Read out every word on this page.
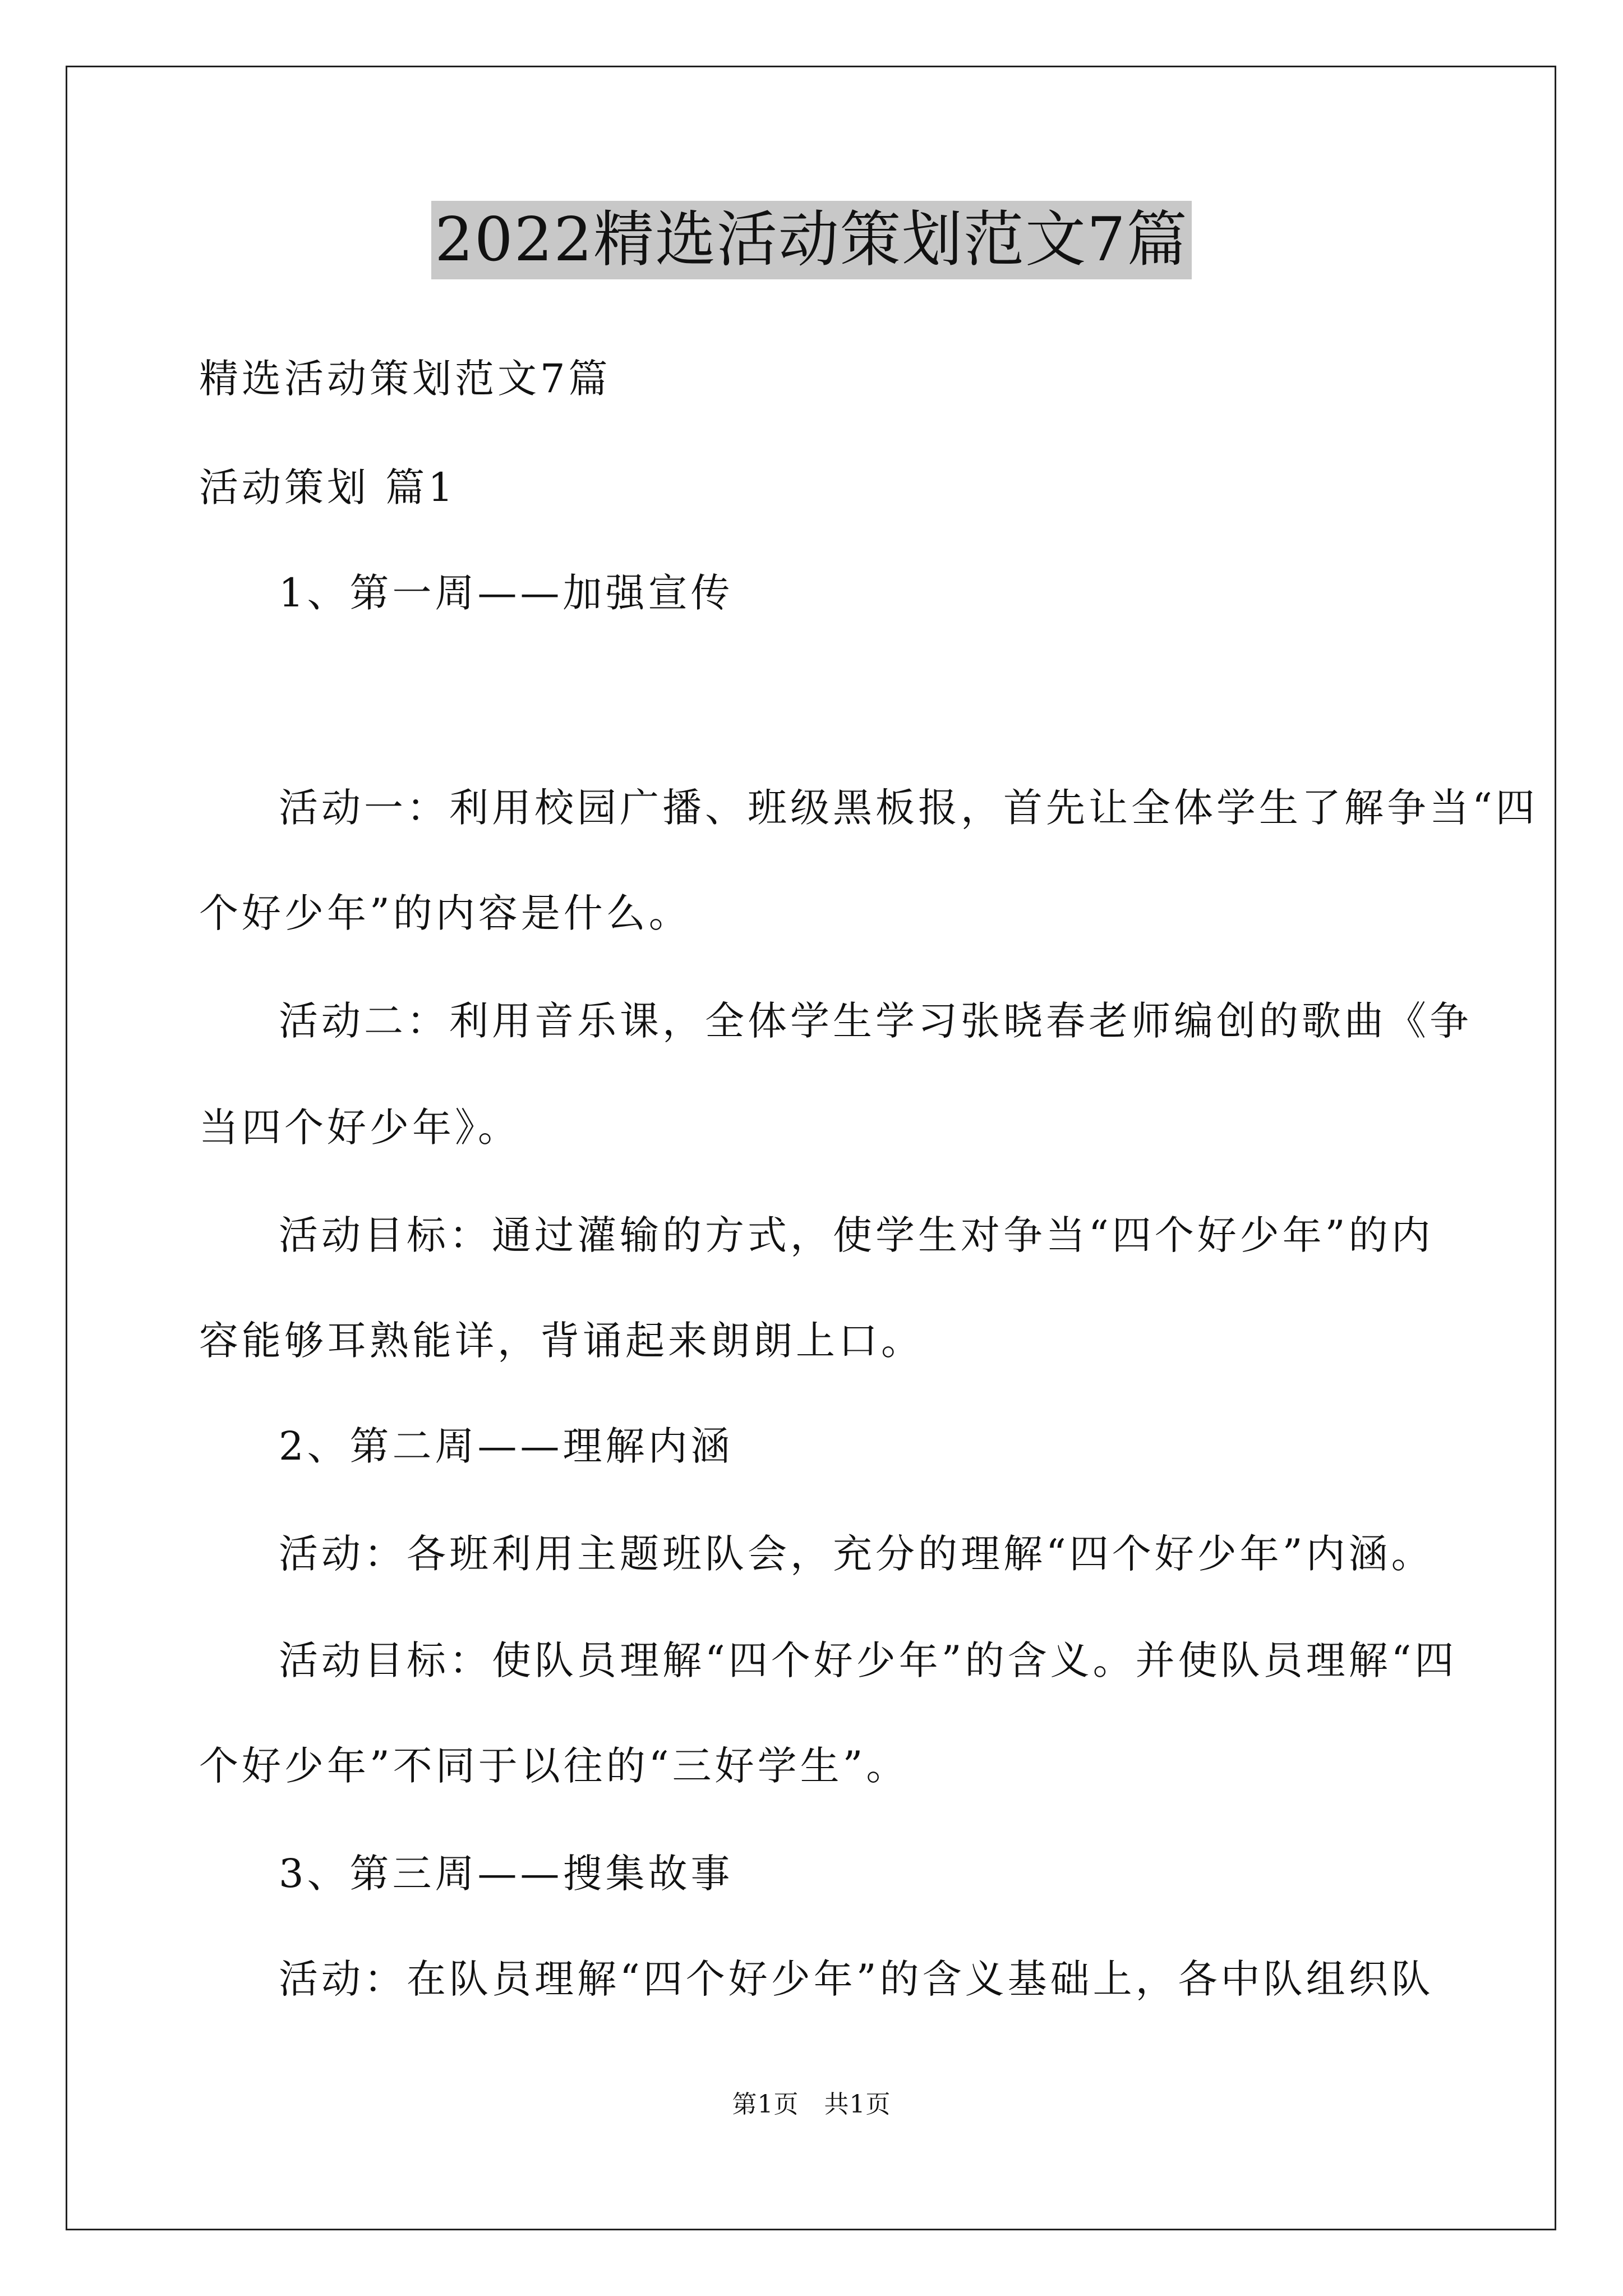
2022精选活动策划范文7篇
精选活动策划范文7篇
活动策划 篇1
1、第一周——加强宣传
活动一：利用校园广播、班级黑板报，首先让全体学生了解争当“四
个好少年”的内容是什么。
活动二：利用音乐课，全体学生学习张晓春老师编创的歌曲《争
当四个好少年》。
活动目标：通过灌输的方式，使学生对争当“四个好少年”的内
容能够耳熟能详，背诵起来朗朗上口。
2、第二周——理解内涵
活动：各班利用主题班队会，充分的理解“四个好少年”内涵。
活动目标：使队员理解“四个好少年”的含义。并使队员理解“四
个好少年”不同于以往的“三好学生”。
3、第三周——搜集故事
活动：在队员理解“四个好少年”的含义基础上，各中队组织队
第1页　共1页
